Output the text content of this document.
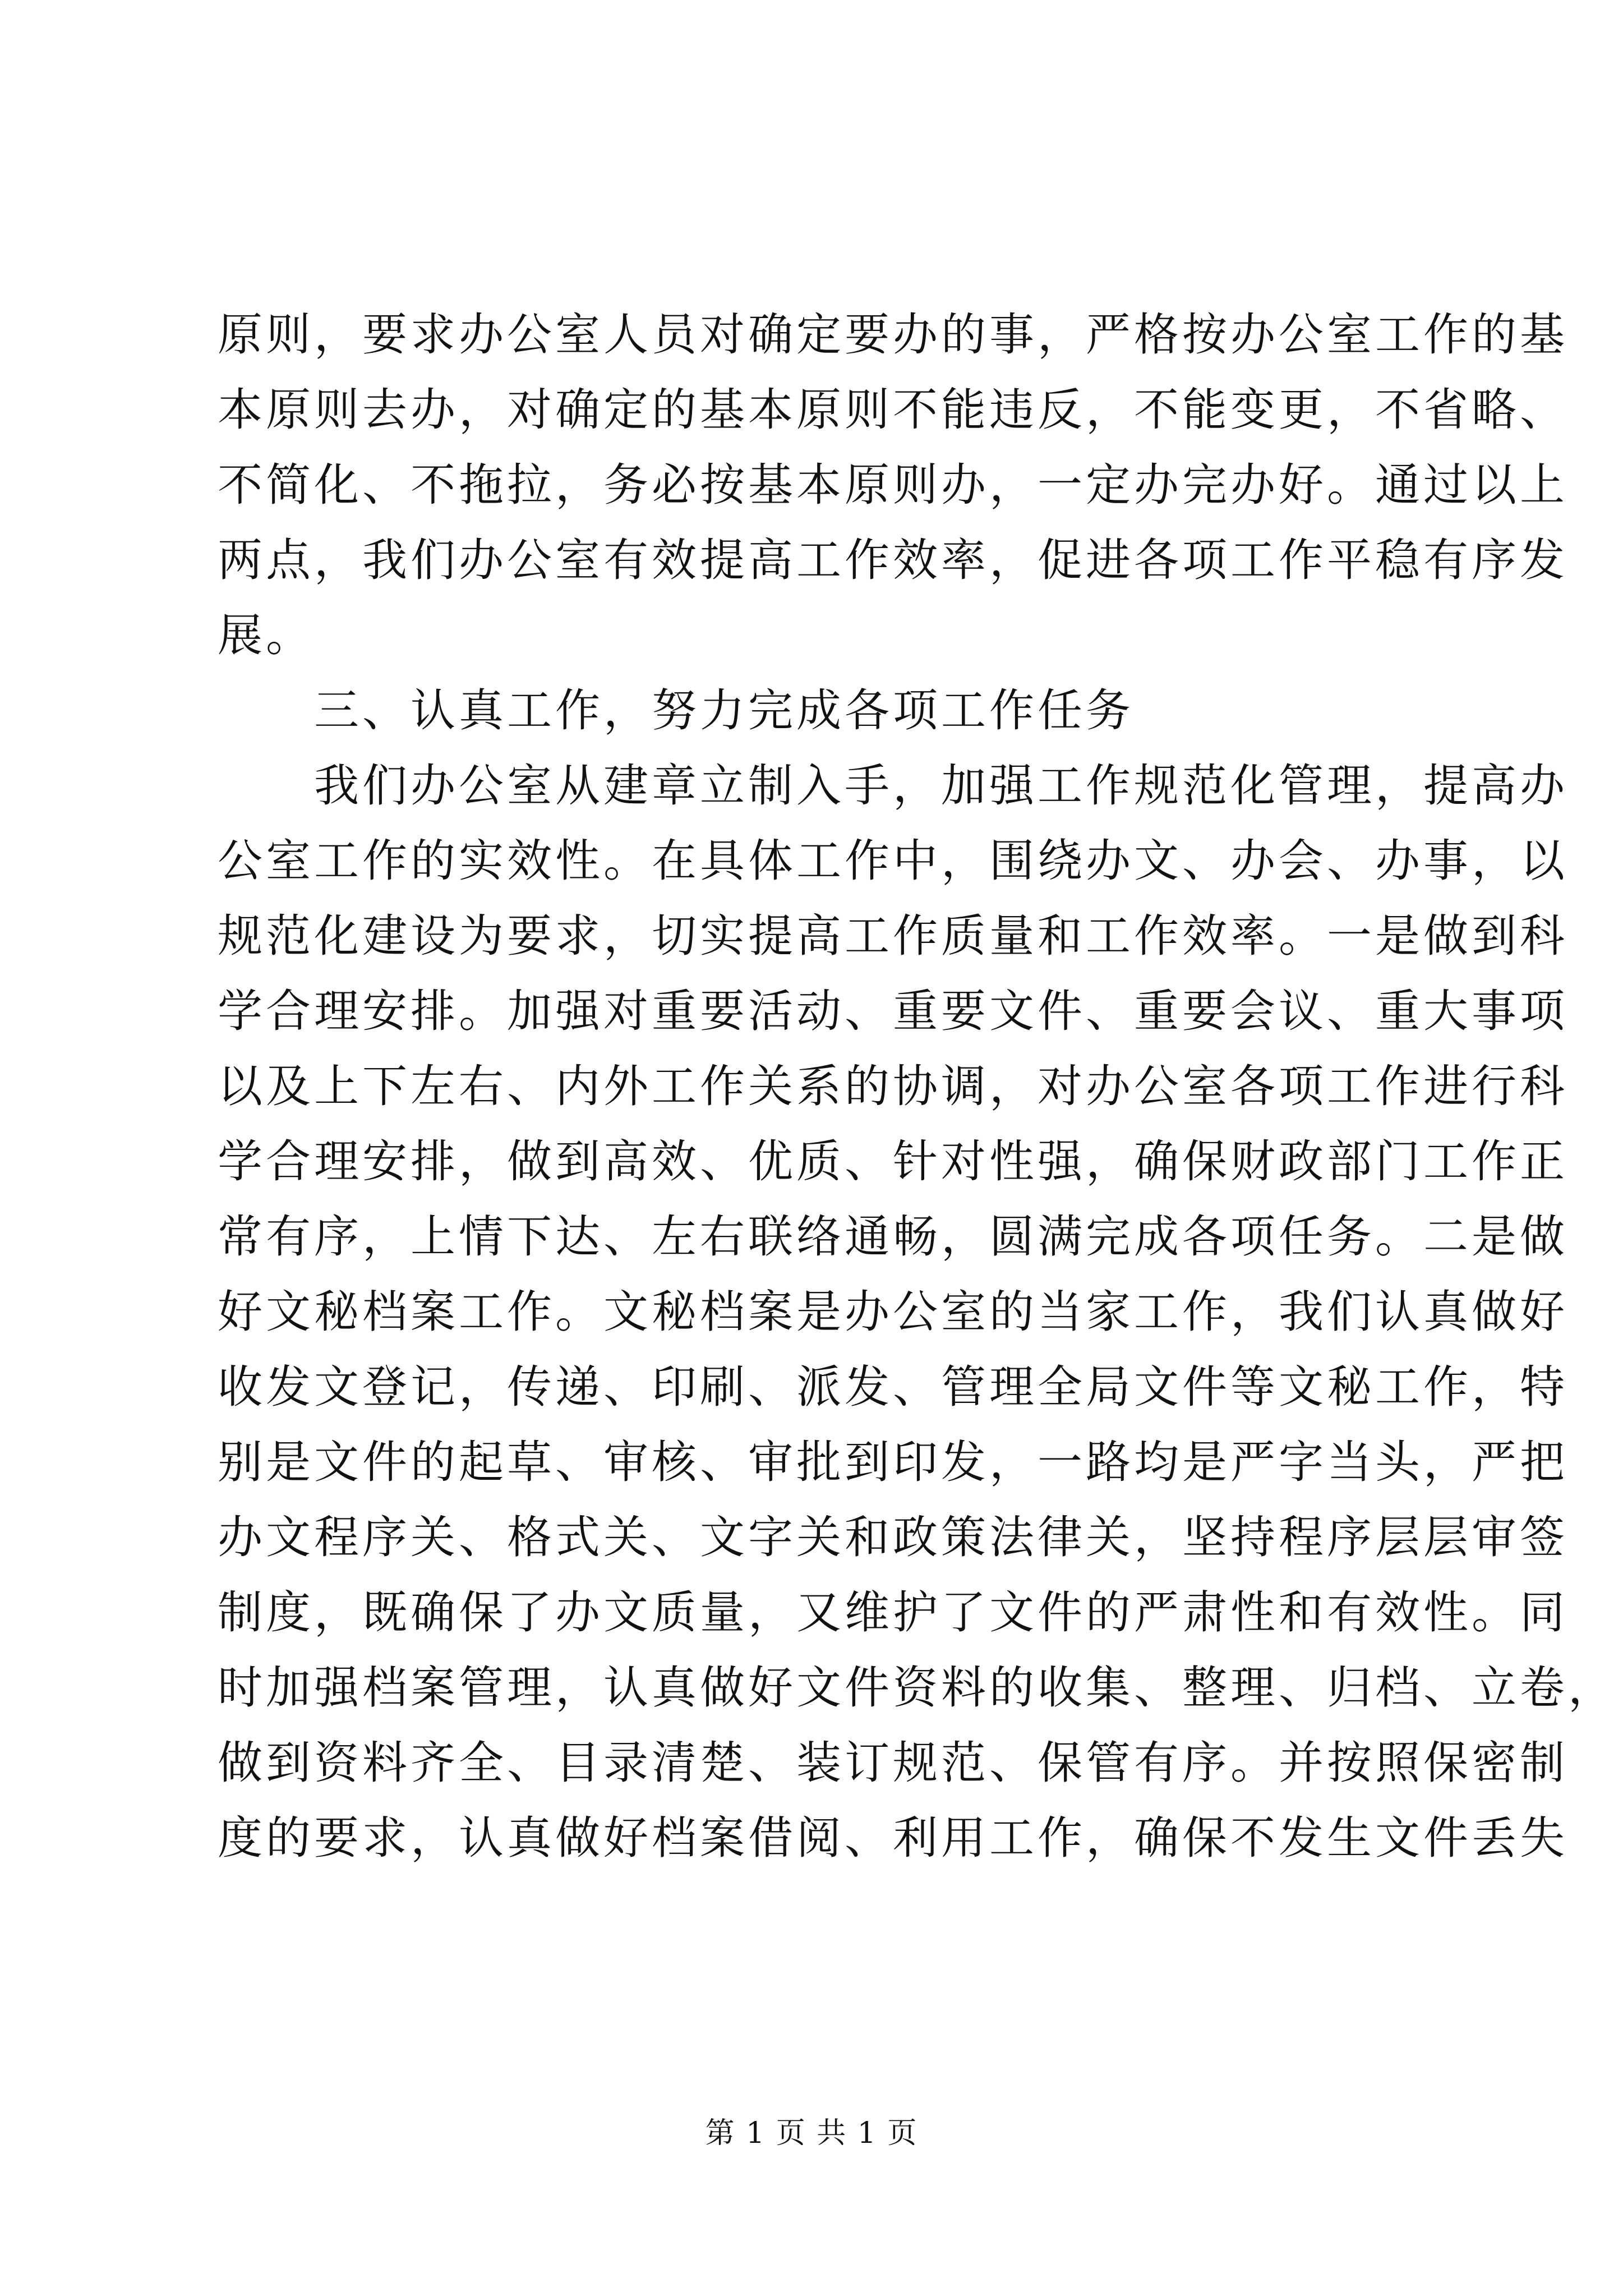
原则，要求办公室人员对确定要办的事，严格按办公室工作的基
本原则去办，对确定的基本原则不能违反，不能变更，不省略、
不简化、不拖拉，务必按基本原则办，一定办完办好。通过以上
两点，我们办公室有效提高工作效率，促进各项工作平稳有序发
展。
　　三、认真工作，努力完成各项工作任务
　　我们办公室从建章立制入手，加强工作规范化管理，提高办
公室工作的实效性。在具体工作中，围绕办文、办会、办事，以
规范化建设为要求，切实提高工作质量和工作效率。一是做到科
学合理安排。加强对重要活动、重要文件、重要会议、重大事项
以及上下左右、内外工作关系的协调，对办公室各项工作进行科
学合理安排，做到高效、优质、针对性强，确保财政部门工作正
常有序，上情下达、左右联络通畅，圆满完成各项任务。二是做
好文秘档案工作。文秘档案是办公室的当家工作，我们认真做好
收发文登记，传递、印刷、派发、管理全局文件等文秘工作，特
别是文件的起草、审核、审批到印发，一路均是严字当头，严把
办文程序关、格式关、文字关和政策法律关，坚持程序层层审签
制度，既确保了办文质量，又维护了文件的严肃性和有效性。同
时加强档案管理，认真做好文件资料的收集、整理、归档、立卷，
做到资料齐全、目录清楚、装订规范、保管有序。并按照保密制
度的要求，认真做好档案借阅、利用工作，确保不发生文件丢失
第 1 页 共 1 页
